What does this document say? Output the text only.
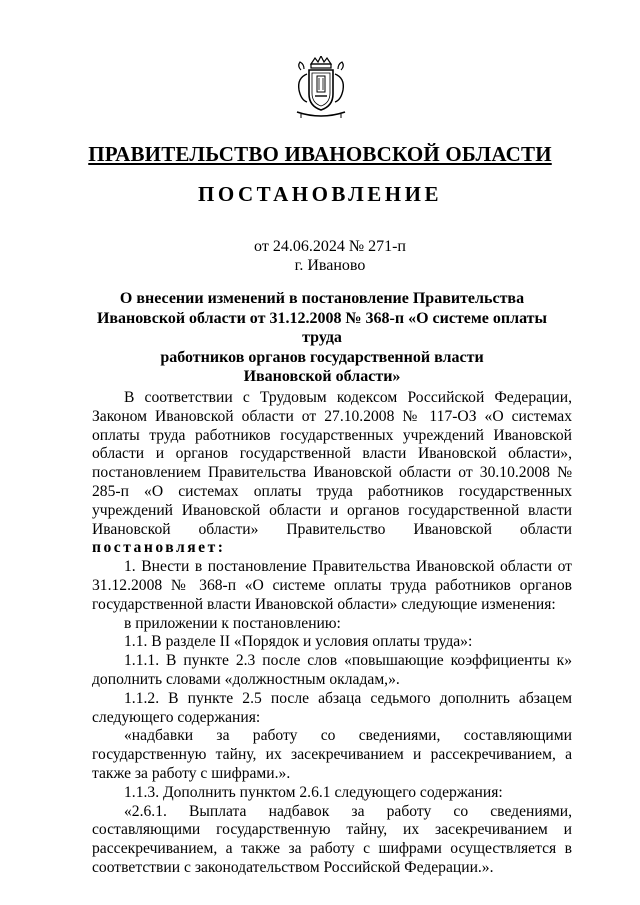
ПРАВИТЕЛЬСТВО ИВАНОВСКОЙ ОБЛАСТИ
ПОСТАНОВЛЕНИЕ
от 24.06.2024 № 271-п
г. Иваново
О внесении изменений в постановление Правительства
Ивановской области от 31.12.2008 № 368-п «О системе оплаты труда
работников органов государственной власти
Ивановской области»

В соответствии с Трудовым кодексом Российской Федерации, Законом Ивановской области от 27.10.2008 № 117-ОЗ «О системах оплаты труда работников государственных учреждений Ивановской области и органов государственной власти Ивановской области», постановлением Правительства Ивановской области от 30.10.2008 № 285-п «О системах оплаты труда работников государственных учреждений Ивановской области и органов государственной власти Ивановской области» Правительство Ивановской области постановляет:

1. Внести в постановление Правительства Ивановской области от 31.12.2008 № 368-п «О системе оплаты труда работников органов государственной власти Ивановской области» следующие изменения:

в приложении к постановлению:

1.1. В разделе II «Порядок и условия оплаты труда»:

1.1.1. В пункте 2.3 после слов «повышающие коэффициенты к» дополнить словами «должностным окладам,».

1.1.2. В пункте 2.5 после абзаца седьмого дополнить абзацем следующего содержания:

«надбавки за работу со сведениями, составляющими государственную тайну, их засекречиванием и рассекречиванием, а также за работу с шифрами.».

1.1.3. Дополнить пунктом 2.6.1 следующего содержания:

«2.6.1. Выплата надбавок за работу со сведениями, составляющими государственную тайну, их засекречиванием и рассекречиванием, а также за работу с шифрами осуществляется в соответствии с законодательством Российской Федерации.».
